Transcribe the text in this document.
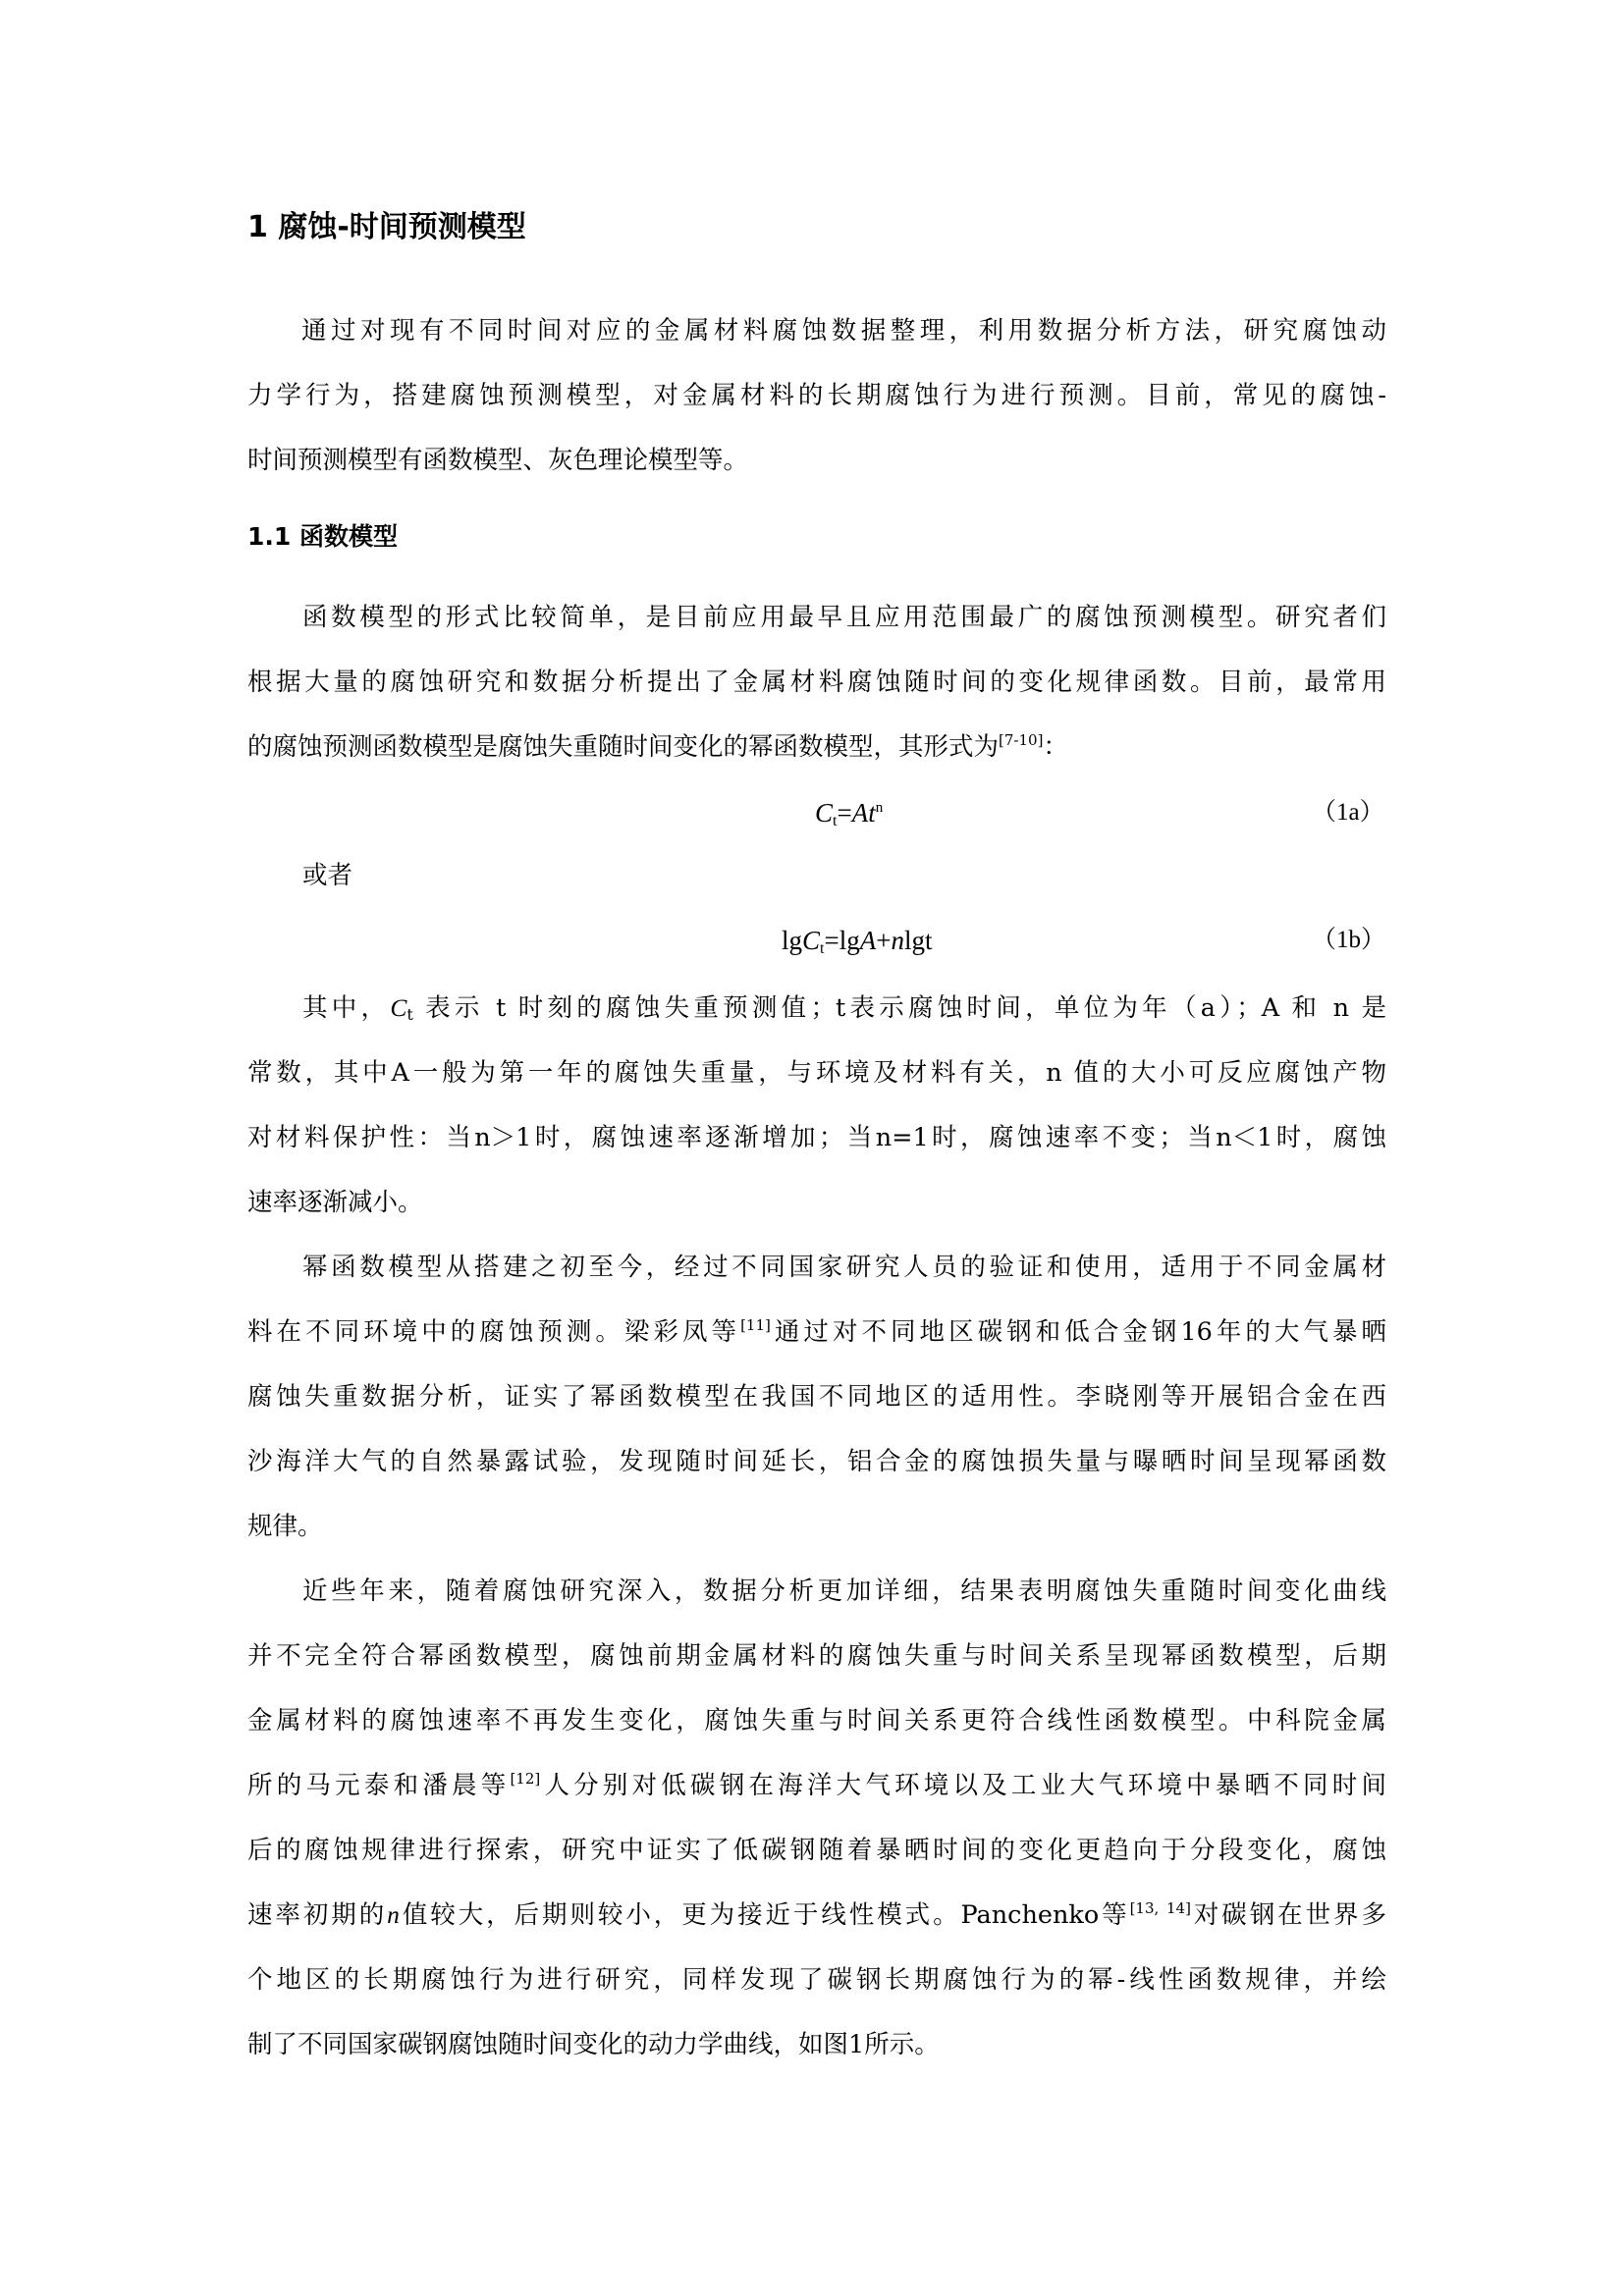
1 腐蚀-时间预测模型
通过对现有不同时间对应的金属材料腐蚀数据整理，利用数据分析方法，研究腐蚀动
力学行为，搭建腐蚀预测模型，对金属材料的长期腐蚀行为进行预测。目前，常见的腐蚀-
时间预测模型有函数模型、灰色理论模型等。
1.1 函数模型
函数模型的形式比较简单，是目前应用最早且应用范围最广的腐蚀预测模型。研究者们
根据大量的腐蚀研究和数据分析提出了金属材料腐蚀随时间的变化规律函数。目前，最常用
的腐蚀预测函数模型是腐蚀失重随时间变化的幂函数模型，其形式为[7-10]：
$C_t=At^n$	（1a）
或者
lgC$_t$=lgA+nlgt	（1b）
其中，$C_t$ 表示 t 时刻的腐蚀失重预测值；t表示腐蚀时间，单位为年（a）；A 和 n 是
常数，其中A一般为第一年的腐蚀失重量，与环境及材料有关，n 值的大小可反应腐蚀产物
对材料保护性：当n＞1时，腐蚀速率逐渐增加；当n=1时，腐蚀速率不变；当n＜1时，腐蚀
速率逐渐减小。
幂函数模型从搭建之初至今，经过不同国家研究人员的验证和使用，适用于不同金属材
料在不同环境中的腐蚀预测。梁彩凤等[11]通过对不同地区碳钢和低合金钢16年的大气暴晒
腐蚀失重数据分析，证实了幂函数模型在我国不同地区的适用性。李晓刚等开展铝合金在西
沙海洋大气的自然暴露试验，发现随时间延长，铝合金的腐蚀损失量与曝晒时间呈现幂函数
规律。
近些年来，随着腐蚀研究深入，数据分析更加详细，结果表明腐蚀失重随时间变化曲线
并不完全符合幂函数模型，腐蚀前期金属材料的腐蚀失重与时间关系呈现幂函数模型，后期
金属材料的腐蚀速率不再发生变化，腐蚀失重与时间关系更符合线性函数模型。中科院金属
所的马元泰和潘晨等[12]人分别对低碳钢在海洋大气环境以及工业大气环境中暴晒不同时间
后的腐蚀规律进行探索，研究中证实了低碳钢随着暴晒时间的变化更趋向于分段变化，腐蚀
速率初期的n值较大，后期则较小，更为接近于线性模式。Panchenko等[13, 14]对碳钢在世界多
个地区的长期腐蚀行为进行研究，同样发现了碳钢长期腐蚀行为的幂-线性函数规律，并绘
制了不同国家碳钢腐蚀随时间变化的动力学曲线，如图1所示。
